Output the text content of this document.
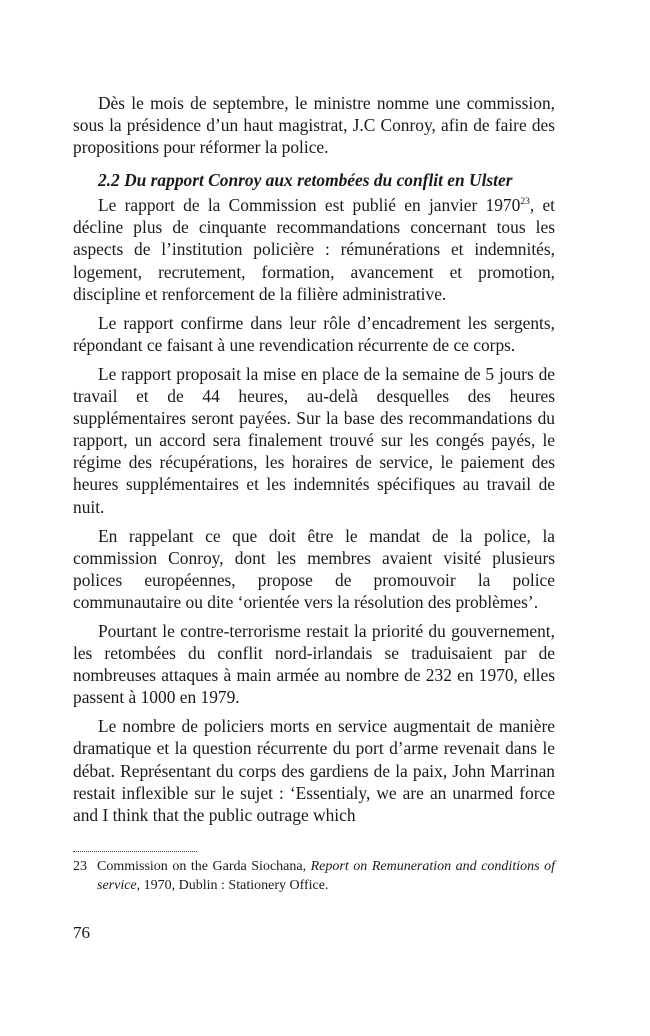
Dès le mois de septembre, le ministre nomme une commission, sous la présidence d’un haut magistrat, J.C Conroy, afin de faire des propositions pour réformer la police.

2.2 Du rapport Conroy aux retombées du conflit en Ulster

Le rapport de la Commission est publié en janvier 1970$^{23}$, et décline plus de cinquante recommandations concernant tous les aspects de l’institution policière : rémunérations et indemnités, logement, recrutement, formation, avancement et promotion, discipline et renforcement de la filière administrative.

Le rapport confirme dans leur rôle d’encadrement les sergents, répondant ce faisant à une revendication récurrente de ce corps.

Le rapport proposait la mise en place de la semaine de 5 jours de travail et de 44 heures, au-delà desquelles des heures supplémentaires seront payées. Sur la base des recommandations du rapport, un accord sera finalement trouvé sur les congés payés, le régime des récupérations, les horaires de service, le paiement des heures supplémentaires et les indemnités spécifiques au travail de nuit.

En rappelant ce que doit être le mandat de la police, la commission Conroy, dont les membres avaient visité plusieurs polices européennes, propose de promouvoir la police communautaire ou dite ‘orientée vers la résolution des problèmes’.

Pourtant le contre-terrorisme restait la priorité du gouvernement, les retombées du conflit nord-irlandais se traduisaient par de nombreuses attaques à main armée au nombre de 232 en 1970, elles passent à 1000 en 1979.

Le nombre de policiers morts en service augmentait de manière dramatique et la question récurrente du port d’arme revenait dans le débat. Représentant du corps des gardiens de la paix, John Marrinan restait inflexible sur le sujet : ‘Essentialy, we are an unarmed force and I think that the public outrage which

23 Commission on the Garda Siochana, Report on Remuneration and conditions of service, 1970, Dublin : Stationery Office.
76
